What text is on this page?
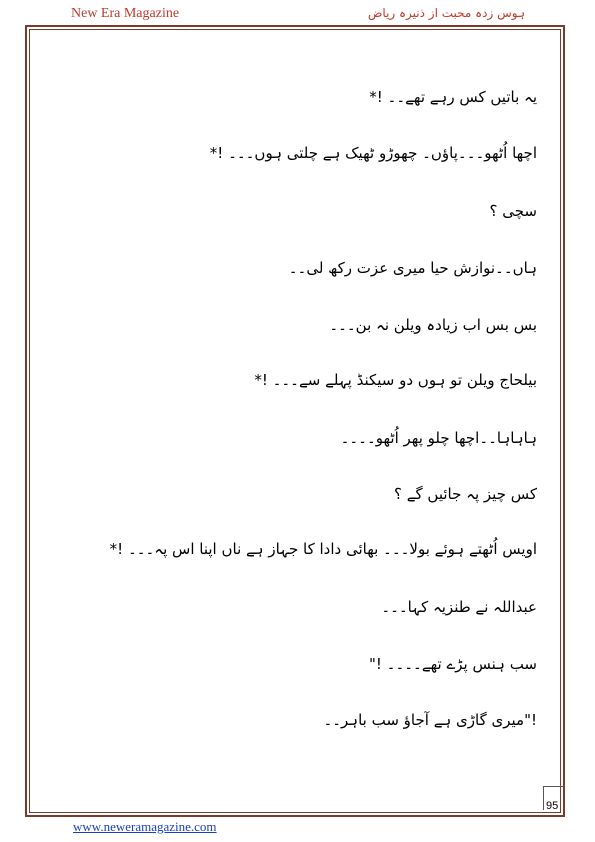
New Era Magazine	ہوس زدہ محبت از ذنیرہ ریاض
یہ باتیں کس رہے تھے۔۔ !*
اچھا اُٹھو۔۔۔پاؤں۔ چھوڑو ٹھیک ہے چلتی ہوں۔۔۔ !*
سچی ؟
ہاں۔۔نوازش حیا میری عزت رکھ لی۔۔
بس بس اب زیادہ ویلن نہ بن۔۔۔
بیلحاج ویلن تو ہوں دو سیکنڈ پہلے سے۔۔۔ !*
ہاہاہا۔۔اچھا چلو پھر اُٹھو۔۔۔۔
کس چیز پہ جائیں گے ؟
اویس اُٹھتے ہوئے بولا۔۔۔ بھائی دادا کا جہاز ہے ناں اپنا اس پہ۔۔۔ !*
عبداللہ نے طنزیہ کہا۔۔۔
سب ہنس پڑے تھے۔۔۔۔ !"
!"میری گاڑی ہے آجاؤ سب باہر۔۔
95
www.neweramagazine.com
